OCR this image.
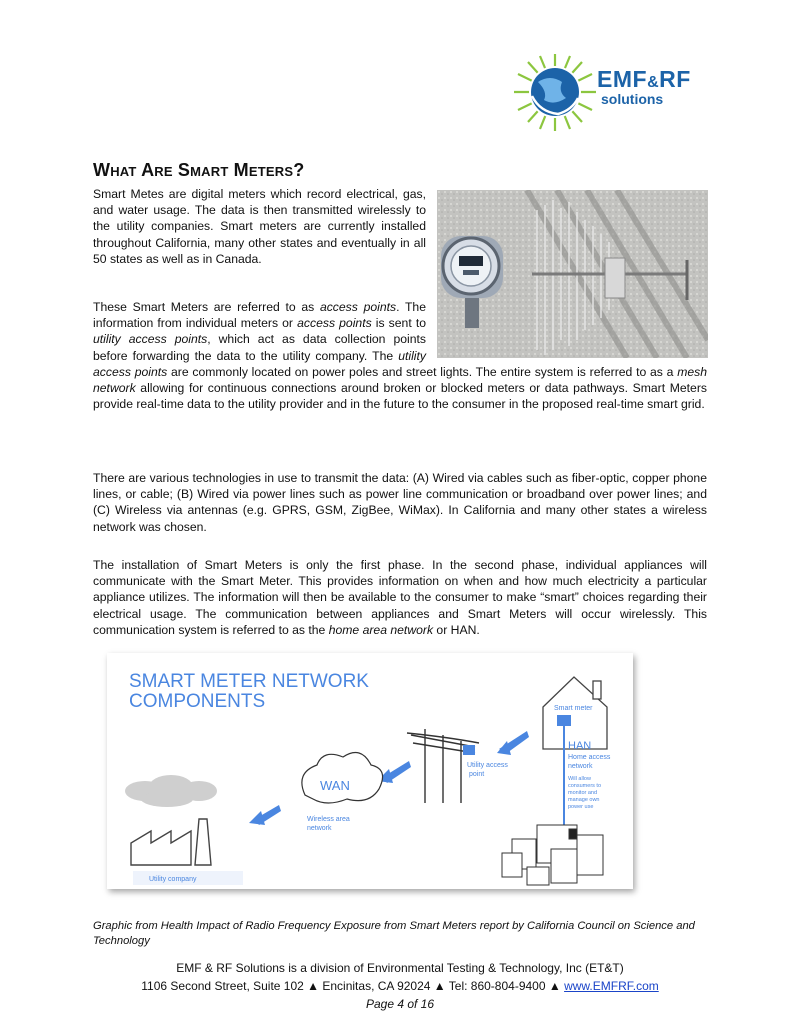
EMF&RF
solutions
What Are Smart Meters?

Smart Metes are digital meters which record electrical, gas, and water usage. The data is then transmitted wirelessly to the utility companies. Smart meters are currently installed throughout California, many other states and eventually in all 50 states as well as in Canada.

These Smart Meters are referred to as access points. The information from individual meters or access points is sent to utility access points, which act as data collection points before forwarding the data to the utility company. The utility access points are commonly located on power poles and street lights. The entire system is referred to as a mesh network allowing for continuous connections around broken or blocked meters or data pathways. Smart Meters provide real-time data to the utility provider and in the future to the consumer in the proposed real-time smart grid.

There are various technologies in use to transmit the data: (A) Wired via cables such as fiber-optic, copper phone lines, or cable; (B) Wired via power lines such as power line communication or broadband over power lines; and (C) Wireless via antennas (e.g. GPRS, GSM, ZigBee, WiMax). In California and many other states a wireless network was chosen.

The installation of Smart Meters is only the first phase. In the second phase, individual appliances will communicate with the Smart Meter. This provides information on when and how much electricity a particular appliance utilizes. The information will then be available to the consumer to make “smart” choices regarding their electrical usage. The communication between appliances and Smart Meters will occur wirelessly. This communication system is referred to as the home area network or HAN.

SMART METER NETWORK
COMPONENTS	Smart meter
HAN
Home access
network
Will allow
consumers to
monitor and
manage own
power use
Utility access
point
WAN
Wireless area
network
Utility company

Graphic from Health Impact of Radio Frequency Exposure from Smart Meters report by California Council on Science and Technology

EMF & RF Solutions is a division of Environmental Testing & Technology, Inc (ET&T)
1106 Second Street, Suite 102 ▲ Encinitas, CA 92024 ▲ Tel: 860-804-9400 ▲ www.EMFRF.com
Page 4 of 16
